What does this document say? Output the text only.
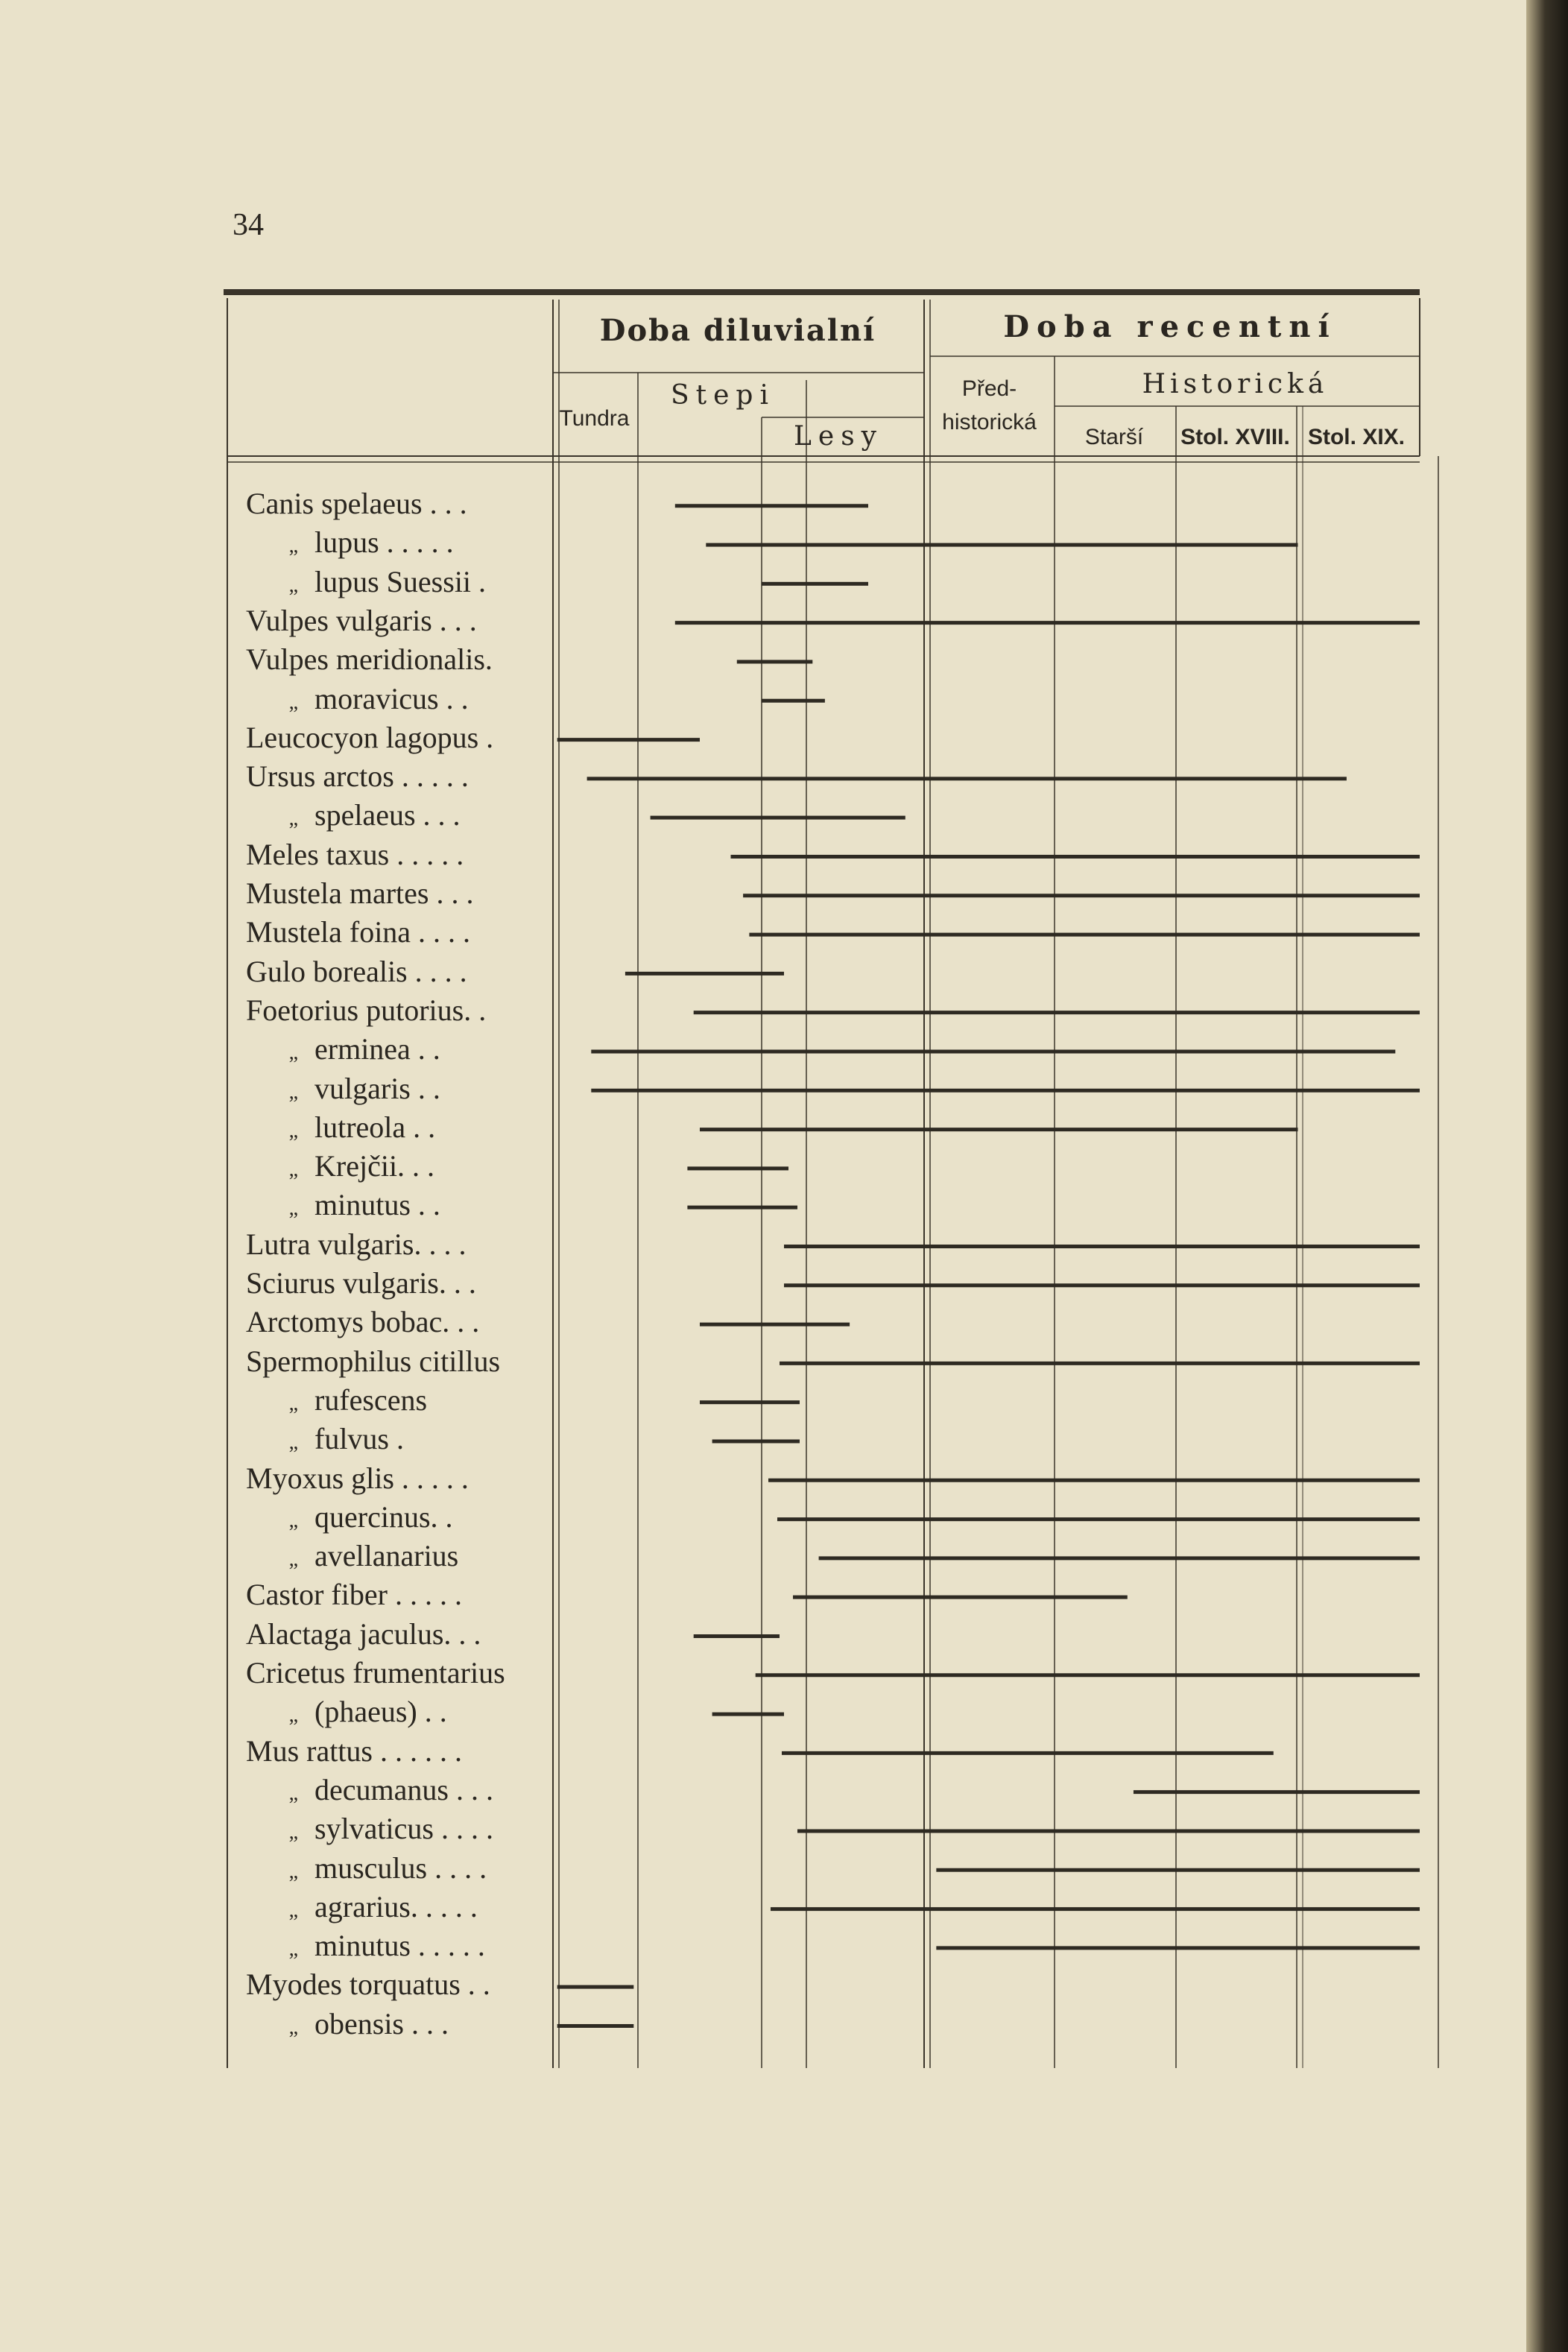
34
Doba diluvialní	Doba recentní
Tundra
Stepi
Lesy
Před-
historická
Historická
Starší	Stol. XVIII. Stol. XIX.
Canis spelaeus . . .
„ lupus . . . . .
„ lupus Suessii .
Vulpes vulgaris . . .
Vulpes meridionalis.
„ moravicus . .
Leucocyon lagopus .
Ursus arctos . . . . .
„ spelaeus . . .
Meles taxus . . . . .
Mustela martes . . .
Mustela foina . . . .
Gulo borealis . . . .
Foetorius putorius. .
„ erminea . .
„ vulgaris . .
„ lutreola . .
„ Krejčii. . .
„ minutus . .
Lutra vulgaris. . . .
Sciurus vulgaris. . .
Arctomys bobac. . .
Spermophilus citillus
„ rufescens
„ fulvus .
Myoxus glis . . . . .
„ quercinus. .
„ avellanarius
Castor fiber . . . . .
Alactaga jaculus. . .
Cricetus frumentarius
„ (phaeus) . .
Mus rattus . . . . . .
„ decumanus . . .
„ sylvaticus . . . .
„ musculus . . . .
„ agrarius. . . . .
„ minutus . . . . .
Myodes torquatus . .
„ obensis . . .
